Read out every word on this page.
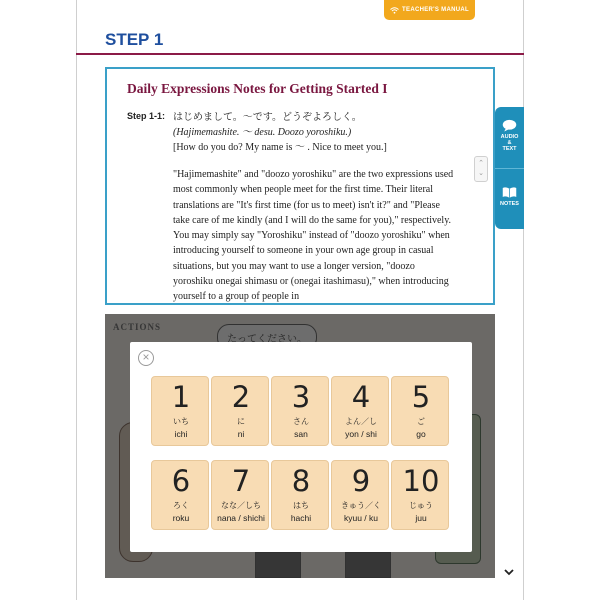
TEACHER'S MANUAL
STEP 1
Daily Expressions Notes for Getting Started I
Step 1-1: はじめまして。〜です。どうぞよろしく。
(Hajimemashite. 〜 desu. Doozo yoroshiku.)
[How do you do? My name is 〜 . Nice to meet you.]
"Hajimemashite" and "doozo yoroshiku" are the two expressions used most commonly when people meet for the first time. Their literal translations are "It's first time (for us to meet) isn't it?" and "Please take care of me kindly (and I will do the same for you)," respectively. You may simply say "Yoroshiku" instead of "doozo yoroshiku" when introducing yourself to someone in your own age group in casual situations, but you may want to use a longer version, "doozo yoroshiku onegai shimasu or (onegai itashimasu)," when introducing yourself to a group of people in
⌃
⌄
AUDIO
&
TEXT
NOTES
×
1
いち
ichi
2
に
ni
3
さん
san
4
よん／し
yon / shi
5
ご
go
6
ろく
roku
7
なな／しち
nana / shichi
8
はち
hachi
9
きゅう／く
kyuu / ku
10
じゅう
juu
